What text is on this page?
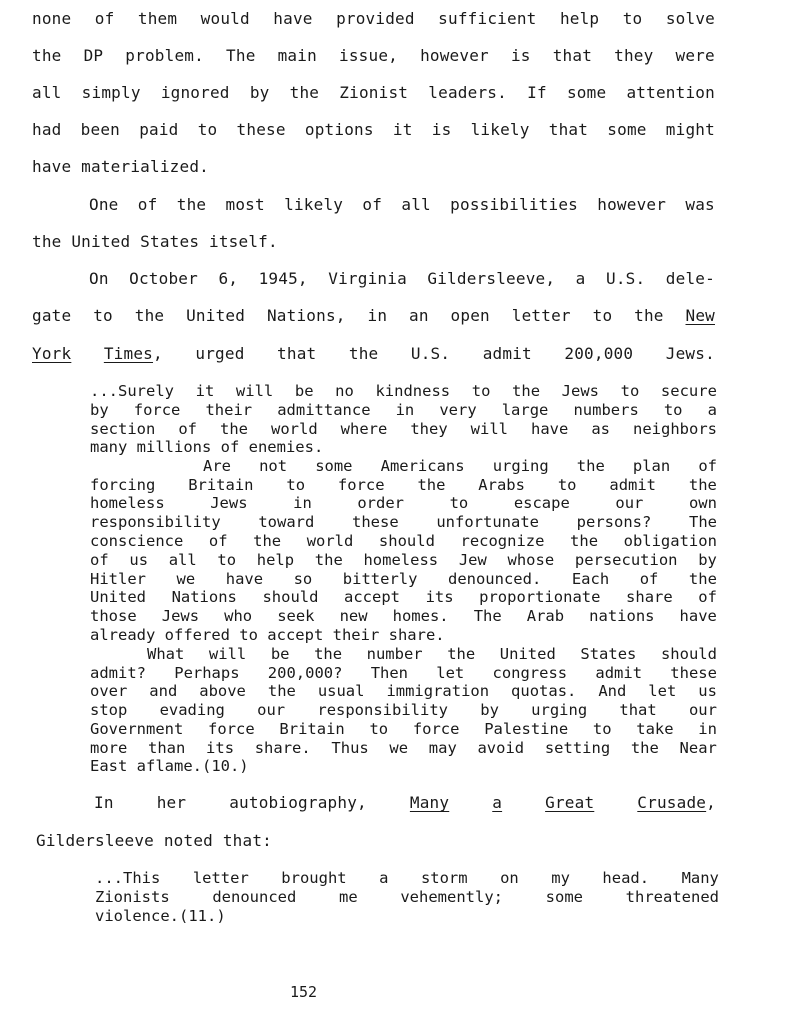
none of them would have provided sufficient help to solve
the DP problem. The main issue, however is that they were
all simply ignored by the Zionist leaders. If some attention
had been paid to these options it is likely that some might
have materialized.
One of the most likely of all possibilities however was
the United States itself.
On October 6, 1945, Virginia Gildersleeve, a U.S. dele-
gate to the United Nations, in an open letter to the New
York Times, urged that the U.S. admit 200,000 Jews.
...Surely it will be no kindness to the Jews to secure
by force their admittance in very large numbers to a
section of the world where they will have as neighbors
many millions of enemies.
Are not some Americans urging the plan of
forcing Britain to force the Arabs to admit the
homeless	Jews	in	order	to	escape	our	own
responsibility toward these unfortunate persons? The
conscience of the world should recognize the obligation
of us all to help the homeless Jew whose persecution by
Hitler we have so bitterly denounced. Each of the
United Nations should accept its proportionate share of
those Jews who seek new homes. The Arab nations have
already offered to accept their share.
What will be the number the United States should
admit? Perhaps 200,000? Then let congress admit these
over and above the usual immigration quotas. And let us
stop evading our responsibility by urging that our
Government force Britain to force Palestine to take in
more than its share. Thus we may avoid setting the Near
East aflame.(10.)
In	her	autobiography,	Many	a	Great	Crusade,
Gildersleeve noted that:
...This letter brought a storm on my head. Many
Zionists	denounced	me	vehemently;	some	threatened
violence.(11.)
152
